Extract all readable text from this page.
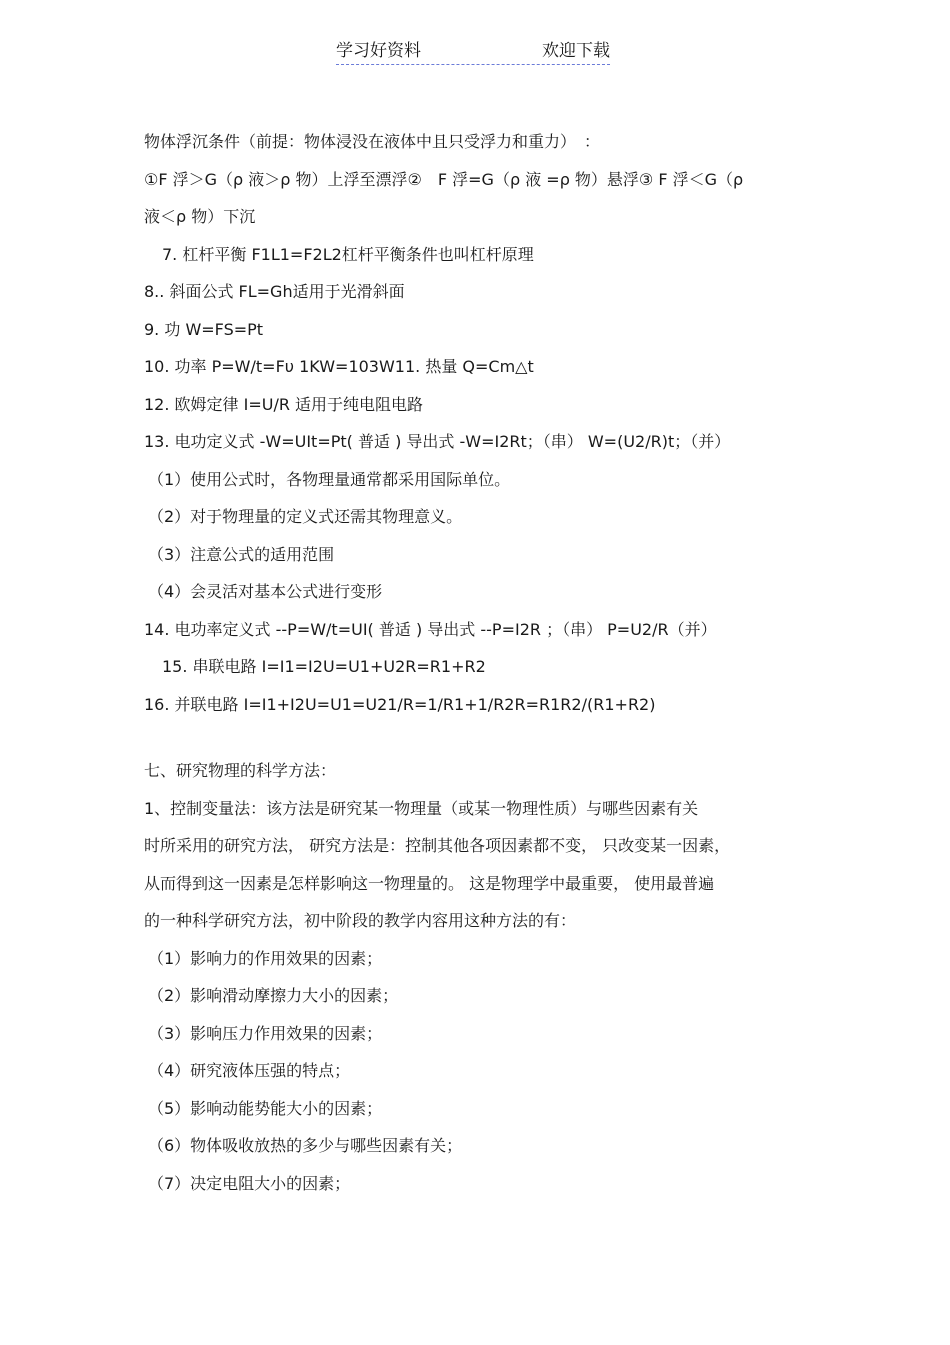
学习好资料	欢迎下载
物体浮沉条件（前提：物体浸没在液体中且只受浮力和重力）　：
①F 浮＞G（ρ 液＞ρ 物）上浮至漂浮②　F 浮=G（ρ 液 =ρ 物）悬浮③ F 浮＜G（ρ
液＜ρ 物）下沉
7. 杠杆平衡 F1L1=F2L2杠杆平衡条件也叫杠杆原理
8.. 斜面公式 FL=Gh适用于光滑斜面
9. 功 W=FS=Pt
10. 功率 P=W/t=Fυ 1KW=103W11. 热量 Q=Cm△t
12. 欧姆定律 I=U/R 适用于纯电阻电路
13. 电功定义式 -W=UIt=Pt( 普适 ) 导出式 -W=I2Rt；（串） W=(U2/R)t；（并）
（1）使用公式时，各物理量通常都采用国际单位。
（2）对于物理量的定义式还需其物理意义。
（3）注意公式的适用范围
（4）会灵活对基本公式进行变形
14. 电功率定义式 --P=W/t=UI( 普适 ) 导出式 --P=I2R ；（串） P=U2/R（并）
15. 串联电路 I=I1=I2U=U1+U2R=R1+R2
16. 并联电路 I=I1+I2U=U1=U21/R=1/R1+1/R2R=R1R2/(R1+R2)
七、研究物理的科学方法：
1、控制变量法：该方法是研究某一物理量（或某一物理性质）与哪些因素有关
时所采用的研究方法， 研究方法是：控制其他各项因素都不变， 只改变某一因素，
从而得到这一因素是怎样影响这一物理量的。 这是物理学中最重要， 使用最普遍
的一种科学研究方法，初中阶段的教学内容用这种方法的有：
（1）影响力的作用效果的因素；
（2）影响滑动摩擦力大小的因素；
（3）影响压力作用效果的因素；
（4）研究液体压强的特点；
（5）影响动能势能大小的因素；
（6）物体吸收放热的多少与哪些因素有关；
（7）决定电阻大小的因素；
